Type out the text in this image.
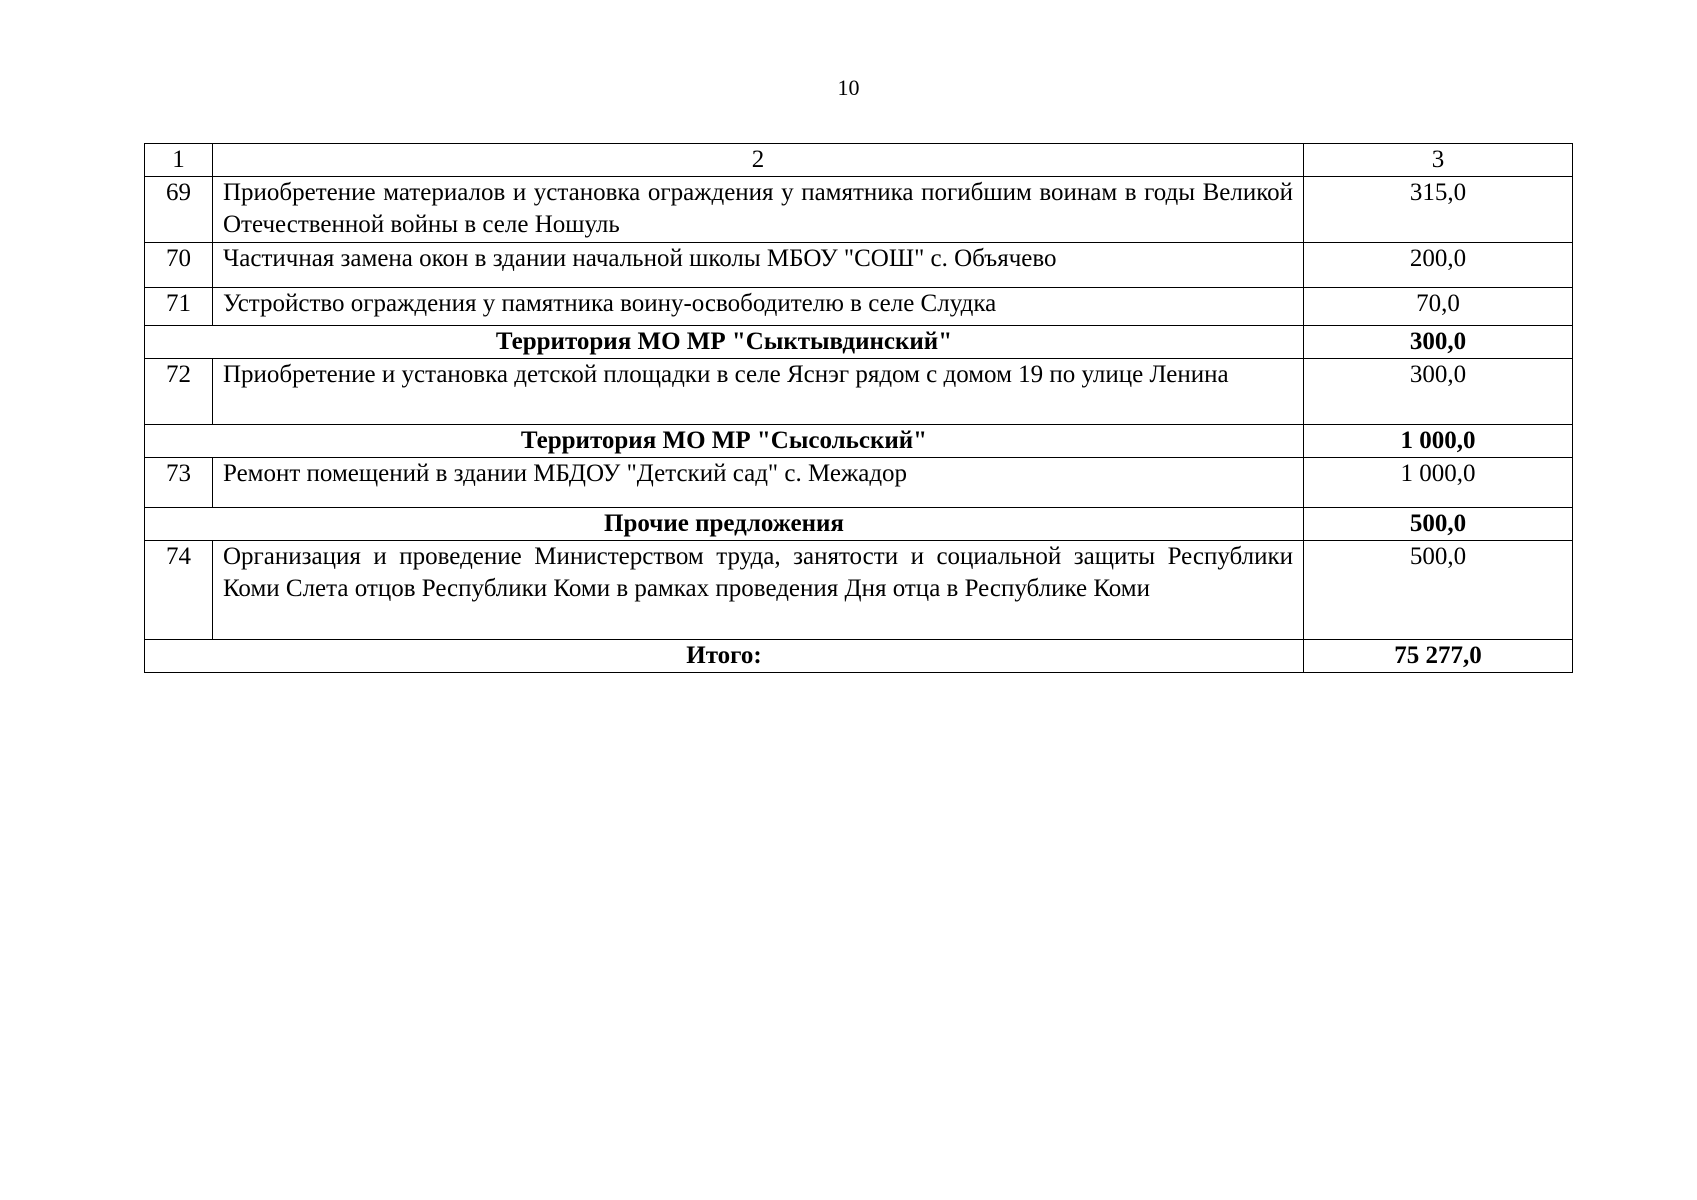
10
1	2	3
69	Приобретение материалов и установка ограждения у памятника погибшим воинам в годы Великой Отечественной войны в селе Ношуль	315,0
70	Частичная замена окон в здании начальной школы МБОУ "СОШ" с. Объячево	200,0
71	Устройство ограждения у памятника воину-освободителю в селе Слудка	70,0
Территория МО МР "Сыктывдинский"		300,0
72	Приобретение и установка детской площадки в селе Яснэг рядом с домом 19 по улице Ленина	300,0
Территория МО МР "Сысольский"		1 000,0
73	Ремонт помещений в здании МБДОУ "Детский сад" с. Межадор	1 000,0
Прочие предложения		500,0
74	Организация и проведение Министерством труда, занятости и социальной защиты Республики Коми Слета отцов Республики Коми в рамках проведения Дня отца в Республике Коми	500,0
Итого:		75 277,0
